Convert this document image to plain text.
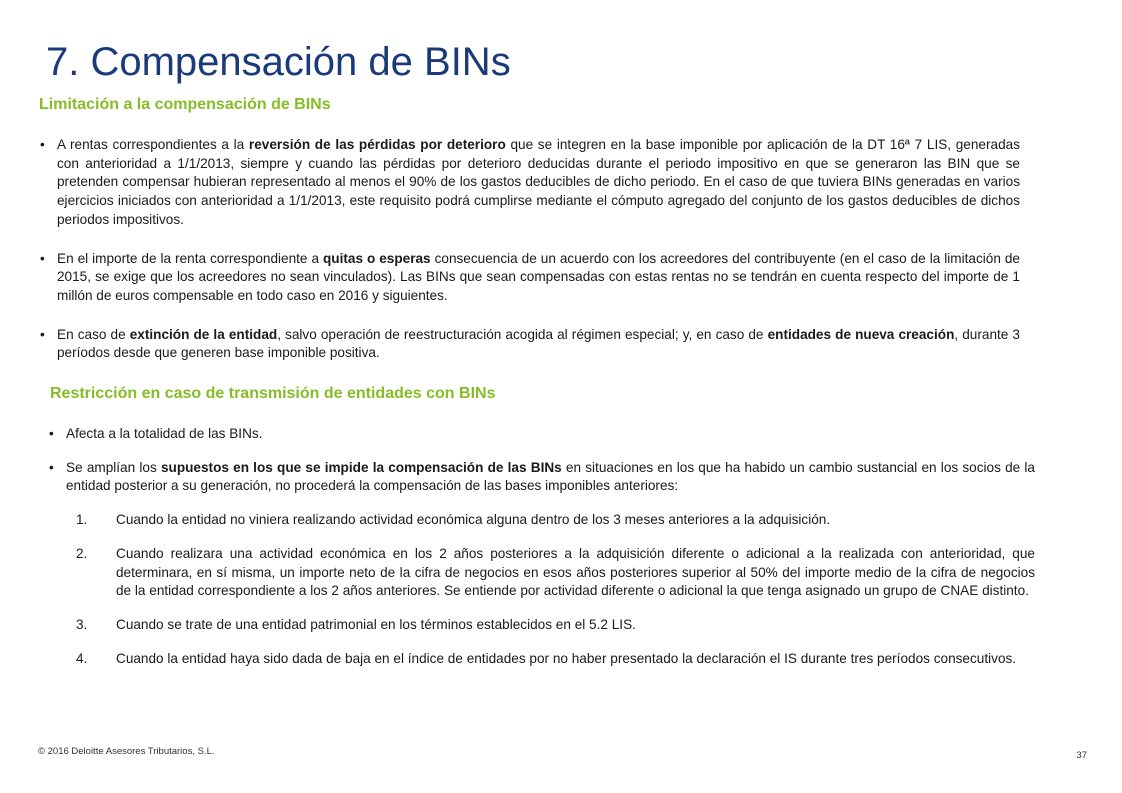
7. Compensación de BINs
Limitación a la compensación de BINs
• A rentas correspondientes a la reversión de las pérdidas por deterioro que se integren en la base imponible por aplicación de la DT 16ª 7 LIS, generadas con anterioridad a 1/1/2013, siempre y cuando las pérdidas por deterioro deducidas durante el periodo impositivo en que se generaron las BIN que se pretenden compensar hubieran representado al menos el 90% de los gastos deducibles de dicho periodo. En el caso de que tuviera BINs generadas en varios ejercicios iniciados con anterioridad a 1/1/2013, este requisito podrá cumplirse mediante el cómputo agregado del conjunto de los gastos deducibles de dichos periodos impositivos.
• En el importe de la renta correspondiente a quitas o esperas consecuencia de un acuerdo con los acreedores del contribuyente (en el caso de la limitación de 2015, se exige que los acreedores no sean vinculados). Las BINs que sean compensadas con estas rentas no se tendrán en cuenta respecto del importe de 1 millón de euros compensable en todo caso en 2016 y siguientes.
• En caso de extinción de la entidad, salvo operación de reestructuración acogida al régimen especial; y, en caso de entidades de nueva creación, durante 3 períodos desde que generen base imponible positiva.
Restricción en caso de transmisión de entidades con BINs
• Afecta a la totalidad de las BINs.
• Se amplían los supuestos en los que se impide la compensación de las BINs en situaciones en los que ha habido un cambio sustancial en los socios de la entidad posterior a su generación, no procederá la compensación de las bases imponibles anteriores:
1. Cuando la entidad no viniera realizando actividad económica alguna dentro de los 3 meses anteriores a la adquisición.
2. Cuando realizara una actividad económica en los 2 años posteriores a la adquisición diferente o adicional a la realizada con anterioridad, que determinara, en sí misma, un importe neto de la cifra de negocios en esos años posteriores superior al 50% del importe medio de la cifra de negocios de la entidad correspondiente a los 2 años anteriores. Se entiende por actividad diferente o adicional la que tenga asignado un grupo de CNAE distinto.
3. Cuando se trate de una entidad patrimonial en los términos establecidos en el 5.2 LIS.
4. Cuando la entidad haya sido dada de baja en el índice de entidades por no haber presentado la declaración el IS durante tres períodos consecutivos.
© 2016 Deloitte Asesores Tributarios, S.L.	37
